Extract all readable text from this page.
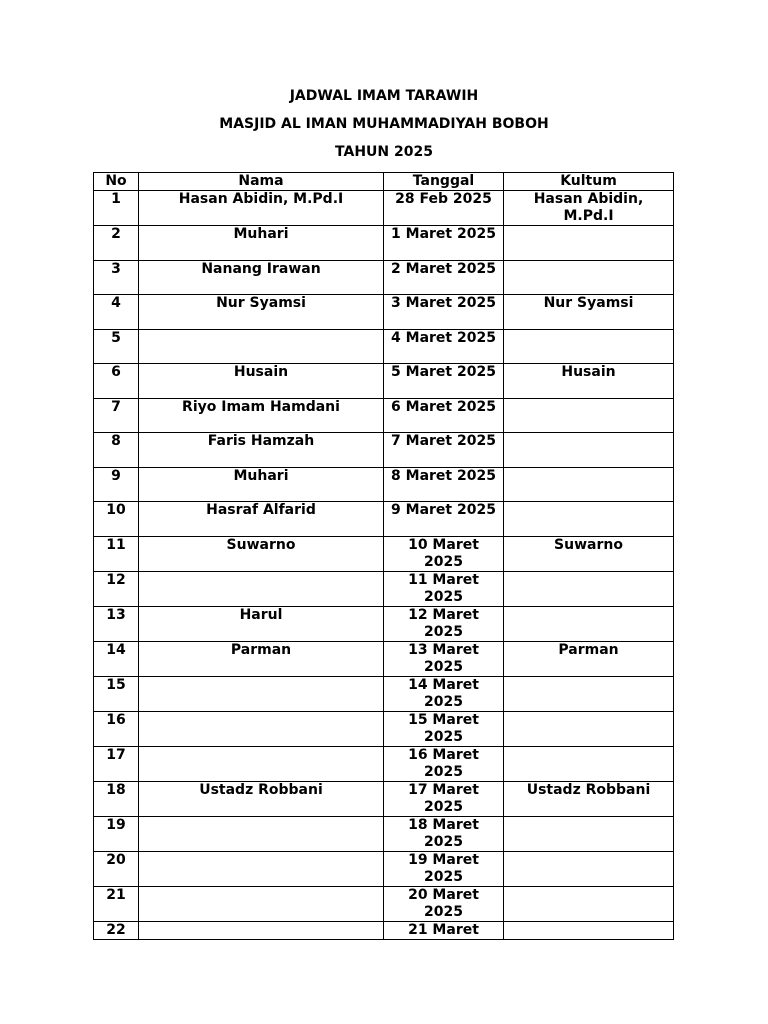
JADWAL IMAM TARAWIH
MASJID AL IMAN MUHAMMADIYAH BOBOH
TAHUN 2025
No	Nama	Tanggal	Kultum
1	Hasan Abidin, M.Pd.I	28 Feb 2025	Hasan Abidin, M.Pd.I
2	Muhari	1 Maret 2025	
3	Nanang Irawan	2 Maret 2025	
4	Nur Syamsi	3 Maret 2025	Nur Syamsi
5		4 Maret 2025	
6	Husain	5 Maret 2025	Husain
7	Riyo Imam Hamdani	6 Maret 2025	
8	Faris Hamzah	7 Maret 2025	
9	Muhari	8 Maret 2025	
10	Hasraf Alfarid	9 Maret 2025	
11	Suwarno	10 Maret 2025	Suwarno
12		11 Maret 2025	
13	Harul	12 Maret 2025	
14	Parman	13 Maret 2025	Parman
15		14 Maret 2025	
16		15 Maret 2025	
17		16 Maret 2025	
18	Ustadz Robbani	17 Maret 2025	Ustadz Robbani
19		18 Maret 2025	
20		19 Maret 2025	
21		20 Maret 2025	
22		21 Maret	
